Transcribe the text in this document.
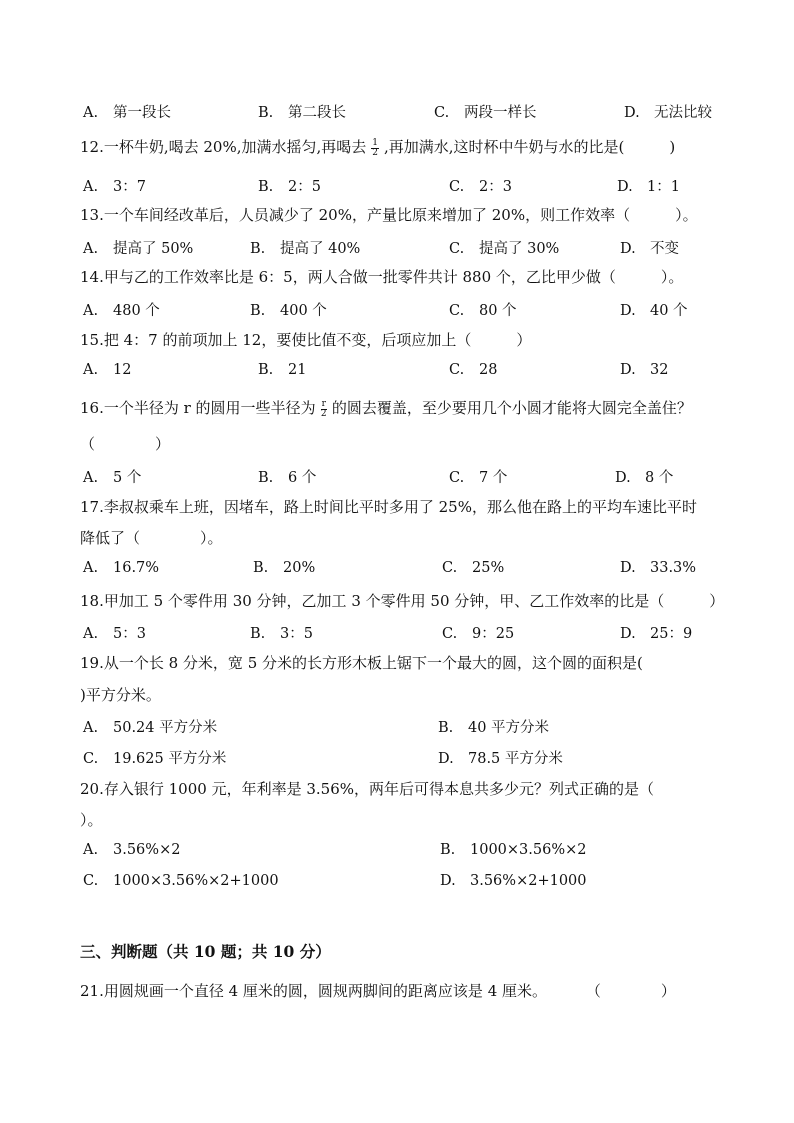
A. 第一段长	B. 第二段长	C. 两段一样长	D. 无法比较
12.一杯牛奶,喝去 20%,加满水摇匀,再喝去 $\frac{1}{2}$ ,再加满水,这时杯中牛奶与水的比是(　　　)
A. 3：7	B. 2：5	C. 2：3	D. 1：1
13.一个车间经改革后，人员减少了 20%，产量比原来增加了 20%，则工作效率（　　　）。
A. 提高了 50%	B. 提高了 40%	C. 提高了 30%	D. 不变
14.甲与乙的工作效率比是 6：5，两人合做一批零件共计 880 个，乙比甲少做（　　　）。
A. 480 个	B. 400 个	C. 80 个	D. 40 个
15.把 4：7 的前项加上 12，要使比值不变，后项应加上（　　　）
A. 12	B. 21	C. 28	D. 32
16.一个半径为 r 的圆用一些半径为 $\frac{r}{2}$ 的圆去覆盖，至少要用几个小圆才能将大圆完全盖住？
（　　　　）
A. 5 个	B. 6 个	C. 7 个	D. 8 个
17.李叔叔乘车上班，因堵车，路上时间比平时多用了 25%，那么他在路上的平均车速比平时
降低了（　　　　）。
A. 16.7%	B. 20%	C. 25%	D. 33.3%
18.甲加工 5 个零件用 30 分钟，乙加工 3 个零件用 50 分钟，甲、乙工作效率的比是（　　　）
A. 5：3	B. 3：5	C. 9：25	D. 25：9
19.从一个长 8 分米，宽 5 分米的长方形木板上锯下一个最大的圆，这个圆的面积是(
)平方分米。
A. 50.24 平方分米	B. 40 平方分米
C. 19.625 平方分米	D. 78.5 平方分米
20.存入银行 1000 元，年利率是 3.56%，两年后可得本息共多少元？列式正确的是（
）。
A. 3.56%×2	B. 1000×3.56%×2
C. 1000×3.56%×2+1000	D. 3.56%×2+1000
三、判断题（共 10 题；共 10 分）
21.用圆规画一个直径 4 厘米的圆，圆规两脚间的距离应该是 4 厘米。	（　　　　）
